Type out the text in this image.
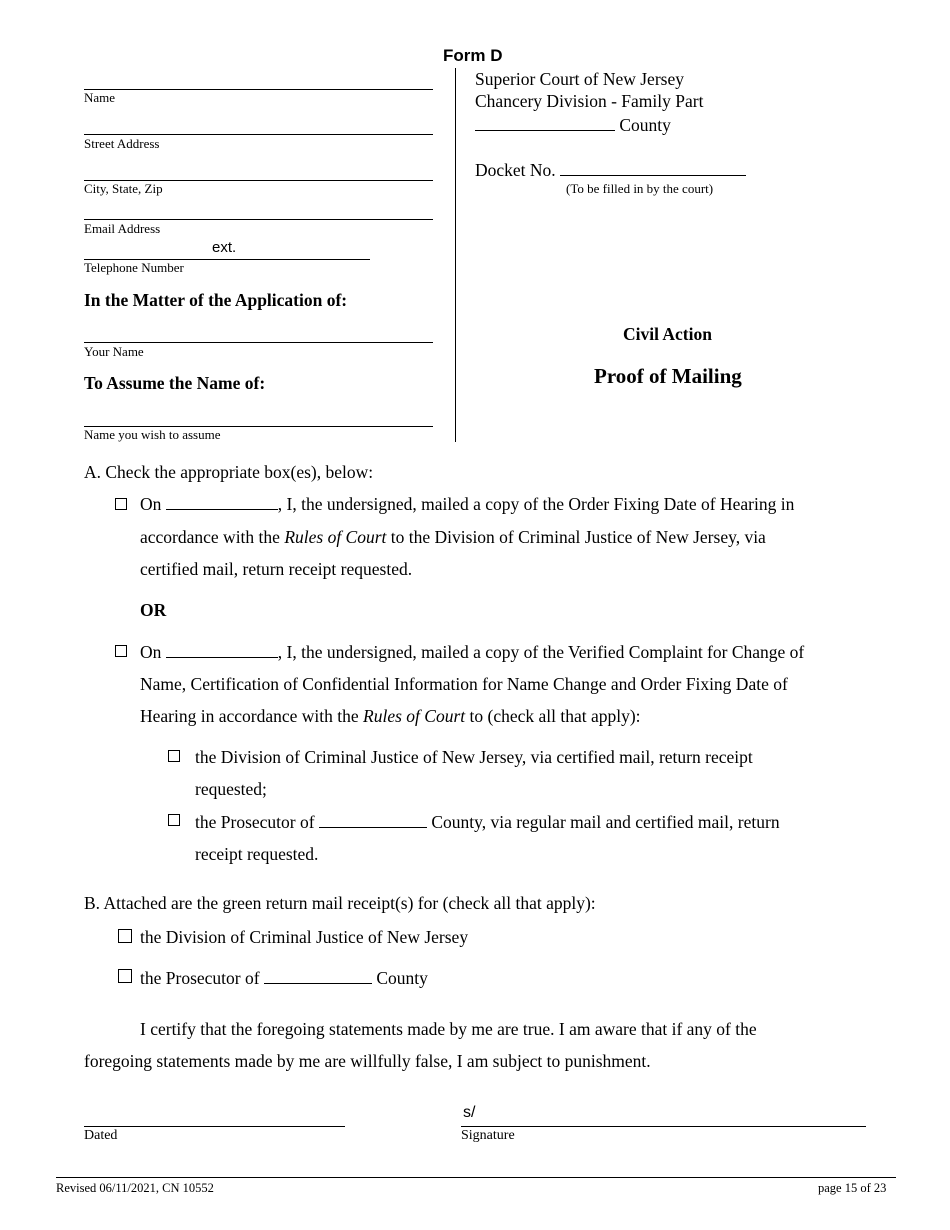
Form D
Name
Street Address
City, State, Zip
Email Address
ext.
Telephone Number
In the Matter of the Application of:
Your Name
To Assume the Name of:
Name you wish to assume
Superior Court of New Jersey
Chancery Division - Family Part
County
Docket No.
(To be filled in by the court)
Civil Action
Proof of Mailing
A. Check the appropriate box(es), below:
On	, I, the undersigned, mailed a copy of the Order Fixing Date of Hearing in
accordance with the Rules of Court to the Division of Criminal Justice of New Jersey, via
certified mail, return receipt requested.
OR
On	, I, the undersigned, mailed a copy of the Verified Complaint for Change of
Name, Certification of Confidential Information for Name Change and Order Fixing Date of
Hearing in accordance with the Rules of Court to (check all that apply):
the Division of Criminal Justice of New Jersey, via certified mail, return receipt
requested;
the Prosecutor of	County, via regular mail and certified mail, return
receipt requested.
B. Attached are the green return mail receipt(s) for (check all that apply):
the Division of Criminal Justice of New Jersey
the Prosecutor of	County
I certify that the foregoing statements made by me are true. I am aware that if any of the
foregoing statements made by me are willfully false, I am subject to punishment.
Dated
s/
Signature
Revised 06/11/2021, CN 10552	page 15 of 23
